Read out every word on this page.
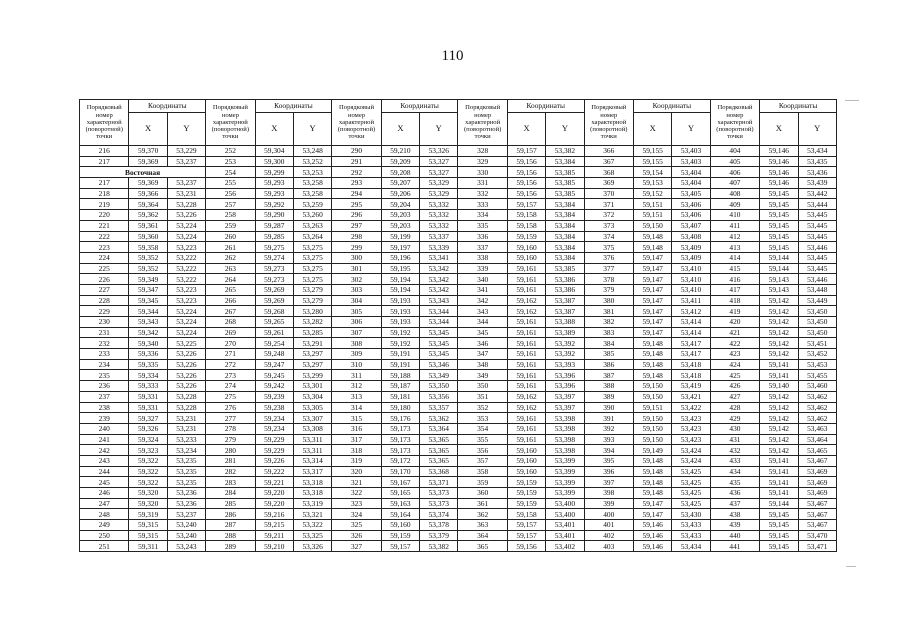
110
Порядковый номер характерной (поворотной) точки	Координаты		Порядковый номер характерной (поворотной) точки	Координаты		Порядковый номер характерной (поворотной) точки	Координаты		Порядковый номер характерной (поворотной) точки	Координаты		Порядковый номер характерной (поворотной) точки	Координаты		Порядковый номер характерной (поворотной) точки	Координаты	
	X	Y		X	Y		X	Y		X	Y		X	Y		X	Y
216	59,370	53,229	252	59,304	53,248	290	59,210	53,326	328	59,157	53,382	366	59,155	53,403	404	59,146	53,434
217	59,369	53,237	253	59,300	53,252	291	59,209	53,327	329	59,156	53,384	367	59,155	53,403	405	59,146	53,435
Восточная			254	59,299	53,253	292	59,208	53,327	330	59,156	53,385	368	59,154	53,404	406	59,146	53,436
217	59,369	53,237	255	59,293	53,258	293	59,207	53,329	331	59,156	53,385	369	59,153	53,404	407	59,146	53,439
218	59,366	53,231	256	59,293	53,258	294	59,206	53,329	332	59,156	53,385	370	59,152	53,405	408	59,145	53,442
219	59,364	53,228	257	59,292	53,259	295	59,204	53,332	333	59,157	53,384	371	59,151	53,406	409	59,145	53,444
220	59,362	53,226	258	59,290	53,260	296	59,203	53,332	334	59,158	53,384	372	59,151	53,406	410	59,145	53,445
221	59,361	53,224	259	59,287	53,263	297	59,203	53,332	335	59,158	53,384	373	59,150	53,407	411	59,145	53,445
222	59,360	53,224	260	59,285	53,264	298	59,199	53,337	336	59,159	53,384	374	59,148	53,408	412	59,145	53,445
223	59,358	53,223	261	59,275	53,275	299	59,197	53,339	337	59,160	53,384	375	59,148	53,409	413	59,145	53,446
224	59,352	53,222	262	59,274	53,275	300	59,196	53,341	338	59,160	53,384	376	59,147	53,409	414	59,144	53,445
225	59,352	53,222	263	59,273	53,275	301	59,195	53,342	339	59,161	53,385	377	59,147	53,410	415	59,144	53,445
226	59,349	53,222	264	59,273	53,275	302	59,194	53,342	340	59,161	53,386	378	59,147	53,410	416	59,143	53,446
227	59,347	53,223	265	59,269	53,279	303	59,194	53,342	341	59,161	53,386	379	59,147	53,410	417	59,143	53,448
228	59,345	53,223	266	59,269	53,279	304	59,193	53,343	342	59,162	53,387	380	59,147	53,411	418	59,142	53,449
229	59,344	53,224	267	59,268	53,280	305	59,193	53,344	343	59,162	53,387	381	59,147	53,412	419	59,142	53,450
230	59,343	53,224	268	59,265	53,282	306	59,193	53,344	344	59,161	53,388	382	59,147	53,414	420	59,142	53,450
231	59,342	53,224	269	59,261	53,285	307	59,192	53,345	345	59,161	53,389	383	59,147	53,414	421	59,142	53,450
232	59,340	53,225	270	59,254	53,291	308	59,192	53,345	346	59,161	53,392	384	59,148	53,417	422	59,142	53,451
233	59,336	53,226	271	59,248	53,297	309	59,191	53,345	347	59,161	53,392	385	59,148	53,417	423	59,142	53,452
234	59,335	53,226	272	59,247	53,297	310	59,191	53,346	348	59,161	53,393	386	59,148	53,418	424	59,141	53,453
235	59,334	53,226	273	59,245	53,299	311	59,188	53,349	349	59,161	53,396	387	59,148	53,418	425	59,141	53,455
236	59,333	53,226	274	59,242	53,301	312	59,187	53,350	350	59,161	53,396	388	59,150	53,419	426	59,140	53,460
237	59,331	53,228	275	59,239	53,304	313	59,181	53,356	351	59,162	53,397	389	59,150	53,421	427	59,142	53,462
238	59,331	53,228	276	59,238	53,305	314	59,180	53,357	352	59,162	53,397	390	59,151	53,422	428	59,142	53,462
239	59,327	53,231	277	59,234	53,307	315	59,176	53,362	353	59,161	53,398	391	59,150	53,423	429	59,142	53,462
240	59,326	53,231	278	59,234	53,308	316	59,173	53,364	354	59,161	53,398	392	59,150	53,423	430	59,142	53,463
241	59,324	53,233	279	59,229	53,311	317	59,173	53,365	355	59,161	53,398	393	59,150	53,423	431	59,142	53,464
242	59,323	53,234	280	59,229	53,311	318	59,173	53,365	356	59,160	53,398	394	59,149	53,424	432	59,142	53,465
243	59,322	53,235	281	59,226	53,314	319	59,172	53,365	357	59,160	53,399	395	59,148	53,424	433	59,141	53,467
244	59,322	53,235	282	59,222	53,317	320	59,170	53,368	358	59,160	53,399	396	59,148	53,425	434	59,141	53,469
245	59,322	53,235	283	59,221	53,318	321	59,167	53,371	359	59,159	53,399	397	59,148	53,425	435	59,141	53,469
246	59,320	53,236	284	59,220	53,318	322	59,165	53,373	360	59,159	53,399	398	59,148	53,425	436	59,141	53,469
247	59,320	53,236	285	59,220	53,319	323	59,163	53,373	361	59,159	53,400	399	59,147	53,425	437	59,144	53,467
248	59,319	53,237	286	59,216	53,321	324	59,164	53,374	362	59,158	53,400	400	59,147	53,430	438	59,145	53,467
249	59,315	53,240	287	59,215	53,322	325	59,160	53,378	363	59,157	53,401	401	59,146	53,433	439	59,145	53,467
250	59,315	53,240	288	59,211	53,325	326	59,159	53,379	364	59,157	53,401	402	59,146	53,433	440	59,145	53,470
251	59,311	53,243	289	59,210	53,326	327	59,157	53,382	365	59,156	53,402	403	59,146	53,434	441	59,145	53,471
